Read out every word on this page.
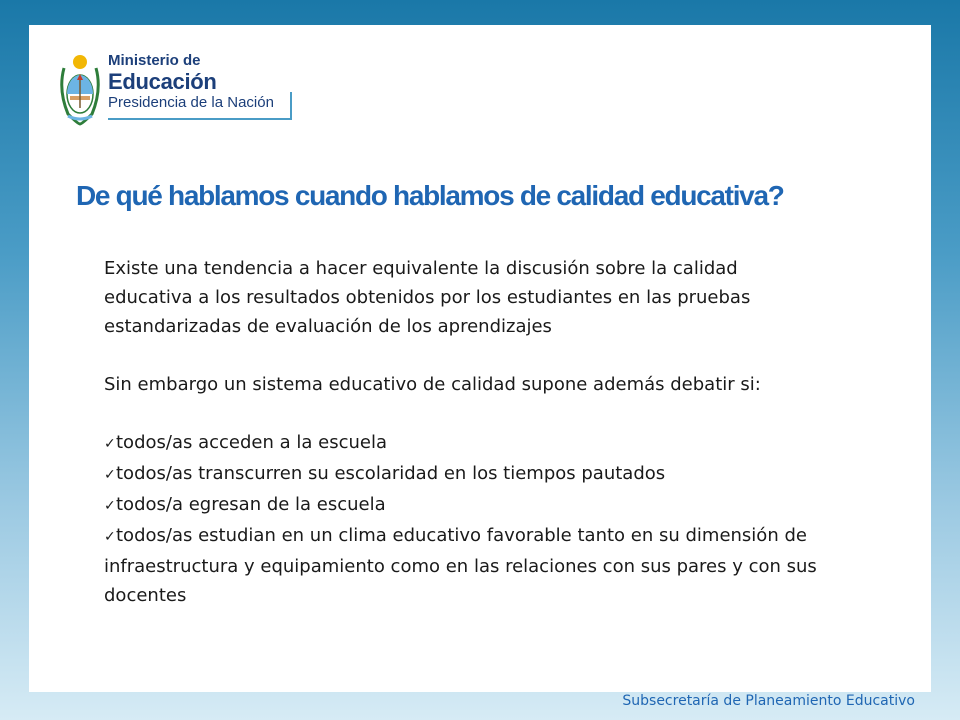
Ministerio de
Educación
Presidencia de la Nación
De qué hablamos cuando hablamos de calidad educativa?

Existe una tendencia a hacer equivalente la discusión sobre la calidad educativa a los resultados obtenidos por los estudiantes en las pruebas estandarizadas de evaluación de los aprendizajes

Sin embargo un sistema educativo de calidad supone además debatir si:

✓todos/as acceden a la escuela
✓todos/as transcurren su escolaridad en los tiempos pautados
✓todos/a egresan de la escuela
✓todos/as estudian en un clima educativo favorable tanto en su dimensión de infraestructura y equipamiento como en las relaciones con sus pares y con sus docentes
Subsecretaría de Planeamiento Educativo
